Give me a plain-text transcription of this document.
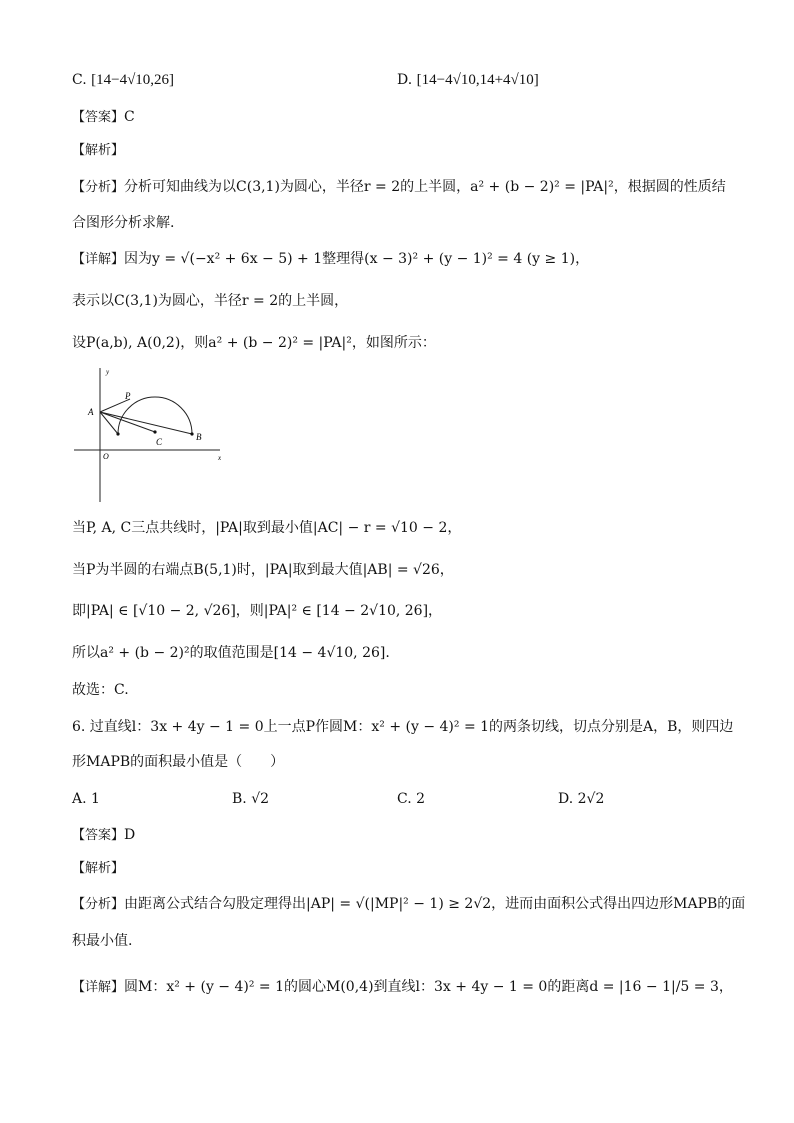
C. [14−4√10,26]	D. [14−4√10,14+4√10]
【答案】C
【解析】
【分析】分析可知曲线为以C(3,1)为圆心，半径r = 2的上半圆，a² + (b − 2)² = |PA|²，根据圆的性质结
合图形分析求解.
【详解】因为y = √(−x² + 6x − 5) + 1整理得(x − 3)² + (y − 1)² = 4 (y ≥ 1)，
表示以C(3,1)为圆心，半径r = 2的上半圆，
设P(a,b), A(0,2)，则a² + (b − 2)² = |PA|²，如图所示：
y
x
O
A
P
C	B
当P, A, C三点共线时，|PA|取到最小值|AC| − r = √10 − 2，
当P为半圆的右端点B(5,1)时，|PA|取到最大值|AB| = √26，
即|PA| ∈ [√10 − 2, √26]，则|PA|² ∈ [14 − 2√10, 26]，
所以a² + (b − 2)²的取值范围是[14 − 4√10, 26].
故选：C.
6. 过直线l：3x + 4y − 1 = 0上一点P作圆M：x² + (y − 4)² = 1的两条切线，切点分别是A，B，则四边
形MAPB的面积最小值是（　　）
A. 1	B. √2	C. 2	D. 2√2
【答案】D
【解析】
【分析】由距离公式结合勾股定理得出|AP| = √(|MP|² − 1) ≥ 2√2，进而由面积公式得出四边形MAPB的面
积最小值.
【详解】圆M：x² + (y − 4)² = 1的圆心M(0,4)到直线l：3x + 4y − 1 = 0的距离d = |16 − 1|/5 = 3，
